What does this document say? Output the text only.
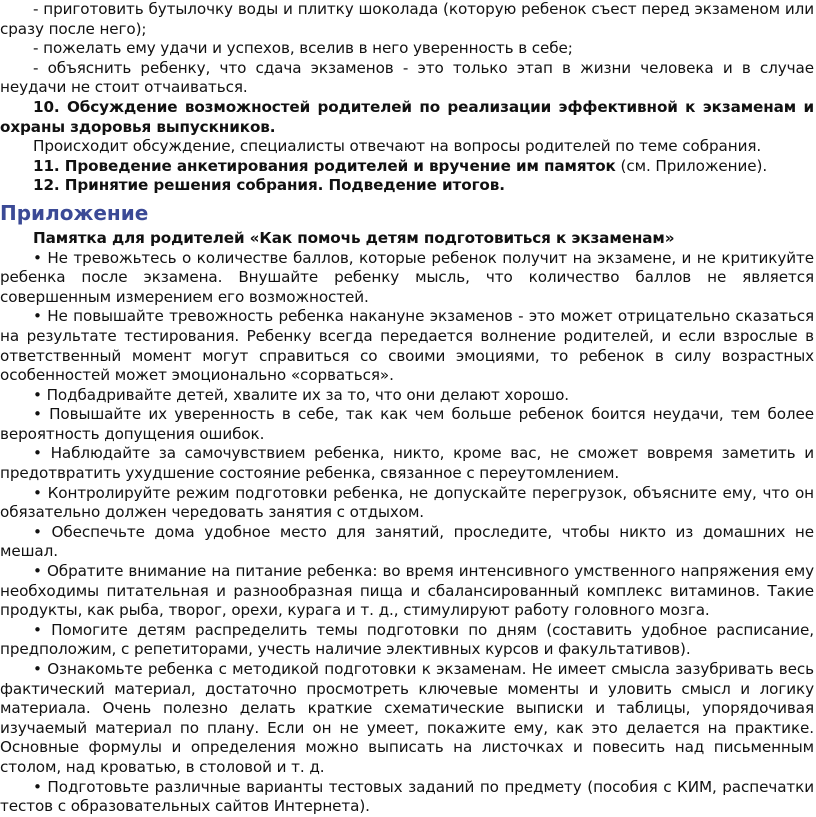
- приготовить бутылочку воды и плитку шоколада (которую ребенок съест перед экзаменом или сразу после него);

- пожелать ему удачи и успехов, вселив в него уверенность в себе;

- объяснить ребенку, что сдача экзаменов - это только этап в жизни человека и в случае неудачи не стоит отчаиваться.

10. Обсуждение возможностей родителей по реализации эффективной к экзаменам и охраны здоровья выпускников.

Происходит обсуждение, специалисты отвечают на вопросы родителей по теме собрания.

11. Проведение анкетирования родителей и вручение им памяток (см. Приложение).

12. Принятие решения собрания. Подведение итогов.

Приложение

Памятка для родителей «Как помочь детям подготовиться к экзаменам»

• Не тревожьтесь о количестве баллов, которые ребенок получит на экзамене, и не критикуйте ребенка после экзамена. Внушайте ребенку мысль, что количество баллов не является совершенным измерением его возможностей.

• Не повышайте тревожность ребенка накануне экзаменов - это может отрицательно сказаться на результате тестирования. Ребенку всегда передается волнение родителей, и если взрослые в ответственный момент могут справиться со своими эмоциями, то ребенок в силу возрастных особенностей может эмоционально «сорваться».

• Подбадривайте детей, хвалите их за то, что они делают хорошо.

• Повышайте их уверенность в себе, так как чем больше ребенок боится неудачи, тем более вероятность допущения ошибок.

• Наблюдайте за самочувствием ребенка, никто, кроме вас, не сможет вовремя заметить и предотвратить ухудшение состояние ребенка, связанное с переутомлением.

• Контролируйте режим подготовки ребенка, не допускайте перегрузок, объясните ему, что он обязательно должен чередовать занятия с отдыхом.

• Обеспечьте дома удобное место для занятий, проследите, чтобы никто из домашних не мешал.

• Обратите внимание на питание ребенка: во время интенсивного умственного напряжения ему необходимы питательная и разнообразная пища и сбалансированный комплекс витаминов. Такие продукты, как рыба, творог, орехи, курага и т. д., стимулируют работу головного мозга.

• Помогите детям распределить темы подготовки по дням (составить удобное расписание, предположим, с репетиторами, учесть наличие элективных курсов и факультативов).

• Ознакомьте ребенка с методикой подготовки к экзаменам. Не имеет смысла зазубривать весь фактический материал, достаточно просмотреть ключевые моменты и уловить смысл и логику материала. Очень полезно делать краткие схематические выписки и таблицы, упорядочивая изучаемый материал по плану. Если он не умеет, покажите ему, как это делается на практике. Основные формулы и определения можно выписать на листочках и повесить над письменным столом, над кроватью, в столовой и т. д.

• Подготовьте различные варианты тестовых заданий по предмету (пособия с КИМ, распечатки тестов с образовательных сайтов Интернета).
